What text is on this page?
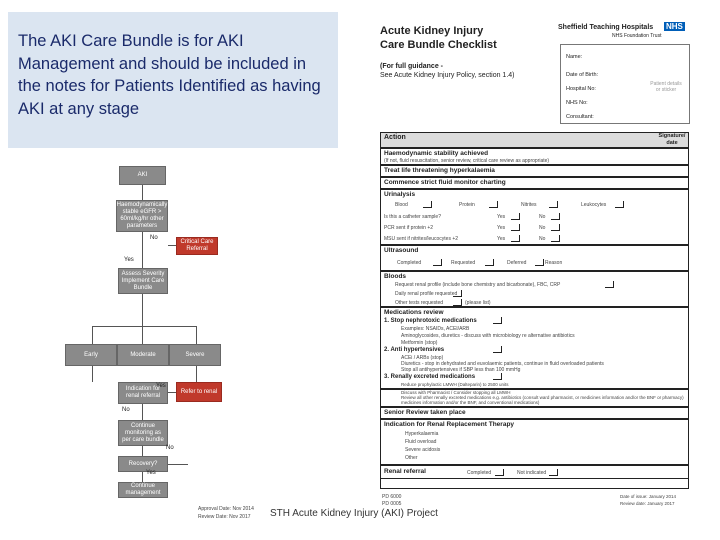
The AKI Care Bundle is for AKI Management and should be included in the notes for Patients Identified as having AKI at any stage

AKI
Haemodynamically stable eGFR > 60ml/kg/hr other parameters
No
Critical Care Referral
Yes
Assess Severity Implement Care Bundle
Early	Moderate	Severe
Indication for renal referral
Yes
Refer to renal
No
Continue monitoring as per care bundle
Recovery?
No
Yes
Continue management
Approval Date: Nov 2014
Review Date: Nov 2017
Acute Kidney Injury
Care Bundle Checklist
(For full guidance -
See Acute Kidney Injury Policy, section 1.4)
Sheffield Teaching Hospitals NHS
NHS Foundation Trust
Name:
Date of Birth:
Hospital No:
NHS No:
Consultant:
Patient details or sticker
Action	Signature/ date
Haemodynamic stability achieved
(If not, fluid resuscitation, senior review, critical care review as appropriate)
Treat life threatening hyperkalaemia
Commence strict fluid monitor charting
Urinalysis
Blood	Protein	Nitrites	Leukocytes
Is this a catheter sample?	Yes	No
PCR sent if protein +2	Yes	No
MSU sent if nitrites/leucocytes +2	Yes	No
Ultrasound
Completed	Requested	Deferred	Reason
Bloods
Request renal profile (include bone chemistry and bicarbonate), FBC, CRP
Daily renal profile requested
Other tests requested	(please list)
Medications review
1. Stop nephrotoxic medications
Examples: NSAIDs, ACEI/ARB
Aminoglycosides, diuretics - discuss with microbiology re alternative antibiotics
Metformin (stop)
2. Anti hypertensives
ACEi / ARBs (stop)
Diuretics - stop in dehydrated and euvolaemic patients, continue in fluid overloaded patients
Stop all antihypertensives if SBP less than 100 mmHg
3. Renally excreted medications
Reduce prophylactic LMWH (Dalteparin) to 2500 units
Discuss with Pharmacist / Consider stopping all LMWH
Review all other renally excreted medications e.g. antibiotics (consult ward pharmacist, or medicines information and/or the BNF or pharmacy)
medicines information and/or the BNF, and conventional medications)
Senior Review taken place
Indication for Renal Replacement Therapy
Hyperkalaemia
Fluid overload
Severe acidosis
Other
Renal referral	Completed	Not indicated
PD 6000
PD 0005
Date of issue: January 2014
Review date: January 2017
STH Acute Kidney Injury (AKI) Project
